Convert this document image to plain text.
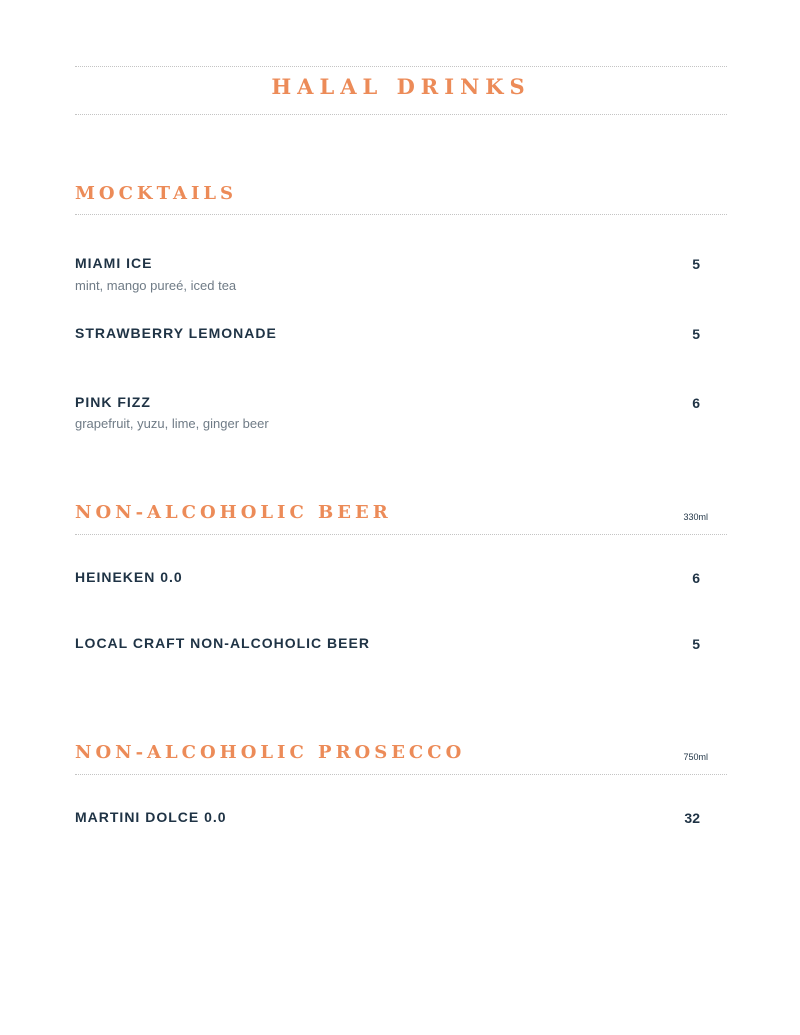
HALAL DRINKS
MOCKTAILS
MIAMI ICE	5
mint, mango pureé, iced tea
STRAWBERRY LEMONADE	5
PINK FIZZ	6
grapefruit, yuzu, lime, ginger beer
NON-ALCOHOLIC BEER	330ml
HEINEKEN 0.0	6
LOCAL CRAFT NON-ALCOHOLIC BEER	5
NON-ALCOHOLIC PROSECCO	750ml
MARTINI DOLCE 0.0	32
